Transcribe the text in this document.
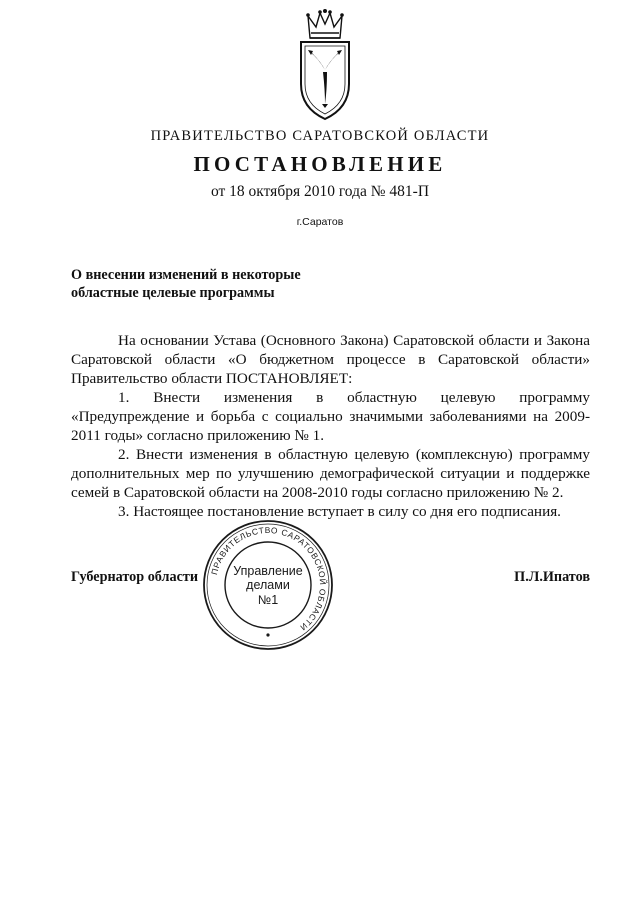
ПРАВИТЕЛЬСТВО САРАТОВСКОЙ ОБЛАСТИ
ПОСТАНОВЛЕНИЕ
от 18 октября 2010 года № 481-П
г.Саратов
О внесении изменений в некоторые
областные целевые программы

На основании Устава (Основного Закона) Саратовской области и Закона Саратовской области «О бюджетном процессе в Саратовской области» Правительство области ПОСТАНОВЛЯЕТ:

1. Внести изменения в областную целевую программу «Предупреждение и борьба с социально значимыми заболеваниями на 2009-2011 годы» согласно приложению № 1.

2. Внести изменения в областную целевую (комплексную) программу дополнительных мер по улучшению демографической ситуации и поддержке семей в Саратовской области на 2008-2010 годы согласно приложению № 2.

3. Настоящее постановление вступает в силу со дня его подписания.

Губернатор области	П.Л.Ипатов
ПРАВИТЕЛЬСТВО САРАТОВСКОЙ ОБЛАСТИ
Управление
делами
№1
